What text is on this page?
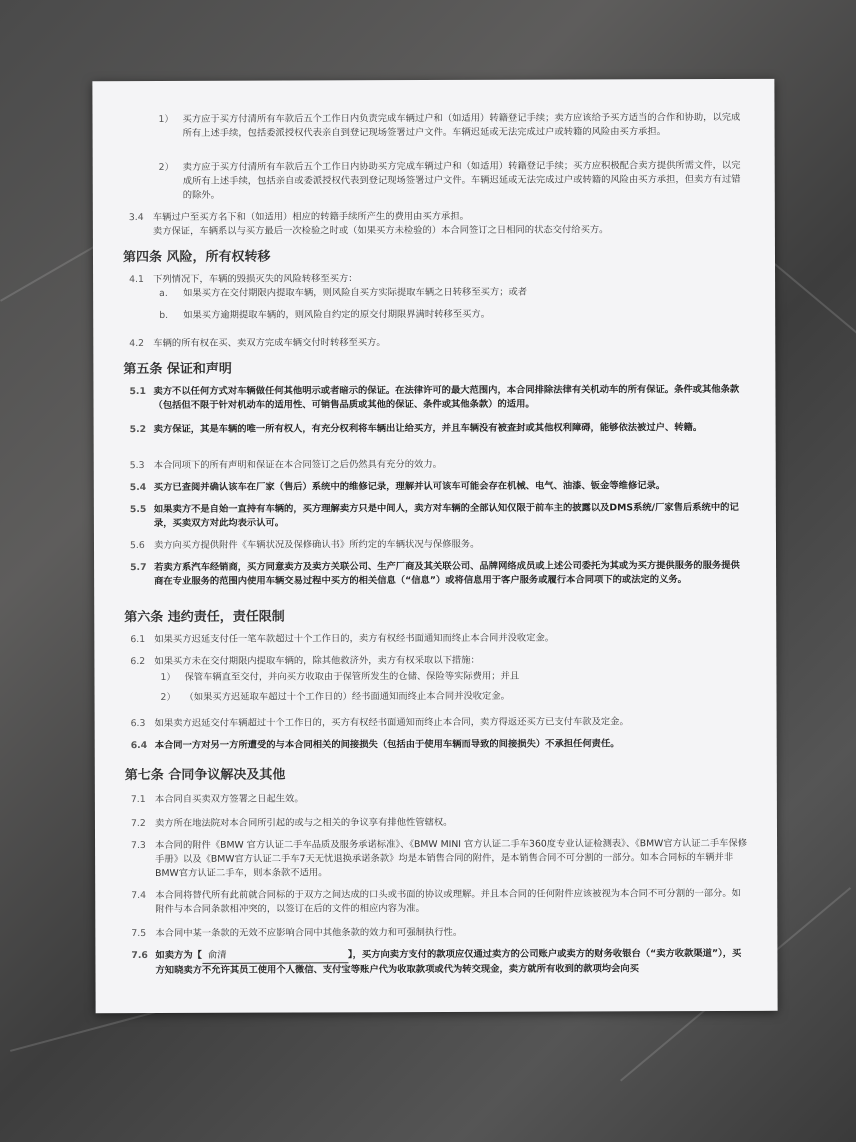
1） 买方应于买方付清所有车款后五个工作日内负责完成车辆过户和（如适用）转籍登记手续；卖方应该给予买方适当的合作和协助，以完成所有上述手续，包括委派授权代表亲自到登记现场签署过户文件。车辆迟延或无法完成过户或转籍的风险由买方承担。
2） 卖方应于买方付清所有车款后五个工作日内协助买方完成车辆过户和（如适用）转籍登记手续；买方应积极配合卖方提供所需文件，以完成所有上述手续，包括亲自或委派授权代表到登记现场签署过户文件。车辆迟延或无法完成过户或转籍的风险由买方承担，但卖方有过错的除外。
3.4 车辆过户至买方名下和（如适用）相应的转籍手续所产生的费用由买方承担。
卖方保证，车辆系以与买方最后一次检验之时或（如果买方未检验的）本合同签订之日相同的状态交付给买方。
第四条 风险，所有权转移
4.1 下列情况下，车辆的毁损灭失的风险转移至买方：
a. 如果买方在交付期限内提取车辆，则风险自买方实际提取车辆之日转移至买方；或者
b. 如果买方逾期提取车辆的，则风险自约定的原交付期限界满时转移至买方。
4.2 车辆的所有权在买、卖双方完成车辆交付时转移至买方。
第五条 保证和声明
5.1 卖方不以任何方式对车辆做任何其他明示或者暗示的保证。在法律许可的最大范围内，本合同排除法律有关机动车的所有保证。条件或其他条款（包括但不限于针对机动车的适用性、可销售品质或其他的保证、条件或其他条款）的适用。
5.2 卖方保证，其是车辆的唯一所有权人，有充分权利将车辆出让给买方，并且车辆没有被查封或其他权利障碍，能够依法被过户、转籍。
5.3 本合同项下的所有声明和保证在本合同签订之后仍然具有充分的效力。
5.4 买方已查阅并确认该车在厂家（售后）系统中的维修记录，理解并认可该车可能会存在机械、电气、油漆、钣金等维修记录。
5.5 如果卖方不是自始一直持有车辆的，买方理解卖方只是中间人，卖方对车辆的全部认知仅限于前车主的披露以及DMS系统/厂家售后系统中的记录，买卖双方对此均表示认可。
5.6 卖方向买方提供附件《车辆状况及保修确认书》所约定的车辆状况与保修服务。
5.7 若卖方系汽车经销商，买方同意卖方及卖方关联公司、生产厂商及其关联公司、品牌网络成员或上述公司委托为其或为买方提供服务的服务提供商在专业服务的范围内使用车辆交易过程中买方的相关信息（“信息”）或将信息用于客户服务或履行本合同项下的或法定的义务。
第六条 违约责任，责任限制
6.1 如果买方迟延支付任一笔车款超过十个工作日的，卖方有权经书面通知而终止本合同并没收定金。
6.2 如果买方未在交付期限内提取车辆的，除其他救济外，卖方有权采取以下措施：
1） 保管车辆直至交付，并向买方收取由于保管所发生的仓储、保险等实际费用；并且
2） （如果买方迟延取车超过十个工作日的）经书面通知而终止本合同并没收定金。
6.3 如果卖方迟延交付车辆超过十个工作日的，买方有权经书面通知而终止本合同，卖方得返还买方已支付车款及定金。
6.4 本合同一方对另一方所遭受的与本合同相关的间接损失（包括由于使用车辆而导致的间接损失）不承担任何责任。
第七条 合同争议解决及其他
7.1 本合同自买卖双方签署之日起生效。
7.2 卖方所在地法院对本合同所引起的或与之相关的争议享有排他性管辖权。
7.3 本合同的附件《BMW 官方认证二手车品质及服务承诺标准》、《BMW MINI 官方认证二手车360度专业认证检测表》、《BMW官方认证二手车保修手册》以及《BMW官方认证二手车7天无忧退换承诺条款》均是本销售合同的附件，是本销售合同不可分割的一部分。如本合同标的车辆并非BMW官方认证二手车，则本条款不适用。
7.4 本合同将替代所有此前就合同标的于双方之间达成的口头或书面的协议或理解。并且本合同的任何附件应该被视为本合同不可分割的一部分。如附件与本合同条款相冲突的，以签订在后的文件的相应内容为准。
7.5 本合同中某一条款的无效不应影响合同中其他条款的效力和可强制执行性。
7.6 如卖方为【 俞清	】，买方向卖方支付的款项应仅通过卖方的公司账户或卖方的财务收银台（“卖方收款渠道”），买方知晓卖方不允许其员工使用个人微信、支付宝等账户代为收取款项或代为转交现金，卖方就所有收到的款项均会向买
